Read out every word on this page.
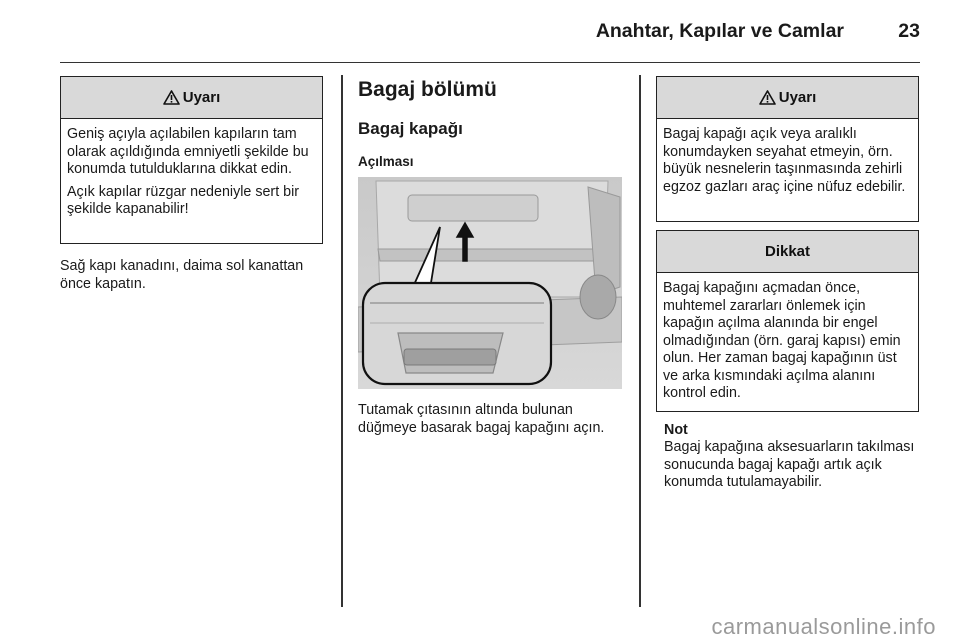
Anahtar, Kapılar ve Camlar	23
Uyarı

Geniş açıyla açılabilen kapıların tam olarak açıldığında emniyetli şekilde bu konumda tutulduklarına dikkat edin.

Açık kapılar rüzgar nedeniyle sert bir şekilde kapanabilir!

Sağ kapı kanadını, daima sol kanattan önce kapatın.

Bagaj bölümü
Bagaj kapağı
Açılması

Tutamak çıtasının altında bulunan düğmeye basarak bagaj kapağını açın.

Uyarı

Bagaj kapağı açık veya aralıklı konumdayken seyahat etmeyin, örn. büyük nesnelerin taşınmasında zehirli egzoz gazları araç içine nüfuz edebilir.

Dikkat

Bagaj kapağını açmadan önce, muhtemel zararları önlemek için kapağın açılma alanında bir engel olmadığından (örn. garaj kapısı) emin olun. Her zaman bagaj kapağının üst ve arka kısmındaki açılma alanını kontrol edin.

Not

Bagaj kapağına aksesuarların takılması sonucunda bagaj kapağı artık açık konumda tutulamayabilir.

carmanualsonline.info
